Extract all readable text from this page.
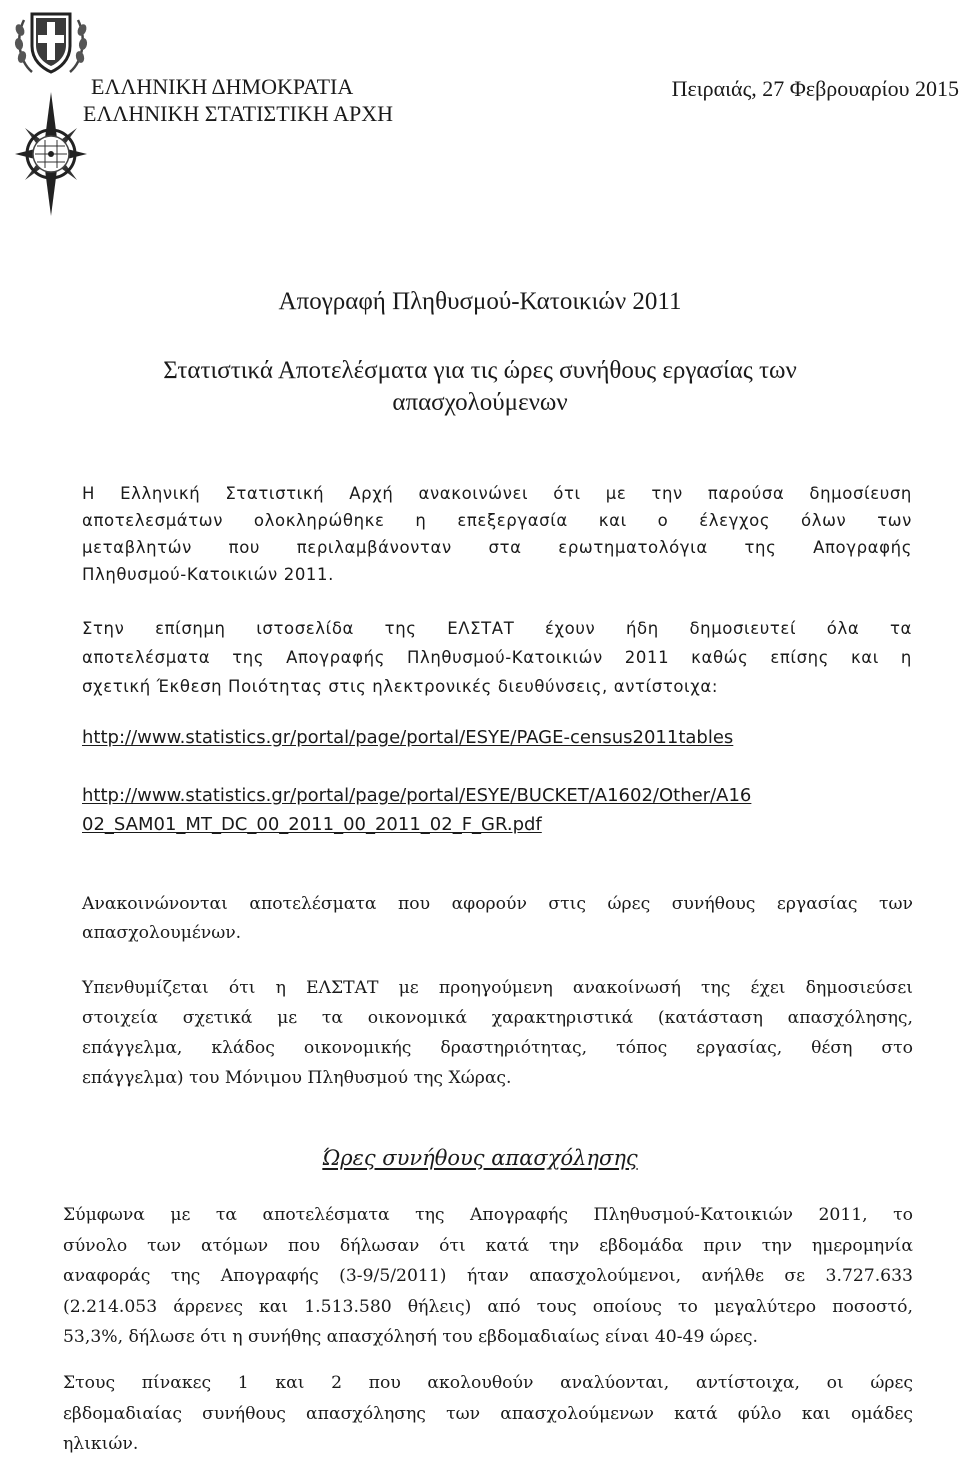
ΕΛΛΗΝΙΚΗ ΔΗΜΟΚΡΑΤΙΑ
ΕΛΛΗΝΙΚΗ ΣΤΑΤΙΣΤΙΚΗ ΑΡΧΗ
Πειραιάς, 27 Φεβρουαρίου 2015
Απογραφή Πληθυσμού-Κατοικιών 2011
Στατιστικά Αποτελέσματα για τις ώρες συνήθους εργασίας των
απασχολούμενων
Η Ελληνική Στατιστική Αρχή ανακοινώνει ότι με την παρούσα δημοσίευση
αποτελεσμάτων ολοκληρώθηκε η επεξεργασία και ο έλεγχος όλων των
μεταβλητών που περιλαμβάνονταν στα ερωτηματολόγια της Απογραφής
Πληθυσμού-Κατοικιών 2011.
Στην επίσημη ιστοσελίδα της ΕΛΣΤΑΤ έχουν ήδη δημοσιευτεί όλα τα
αποτελέσματα της Απογραφής Πληθυσμού-Κατοικιών 2011 καθώς επίσης και η
σχετική Έκθεση Ποιότητας στις ηλεκτρονικές διευθύνσεις, αντίστοιχα:
http://www.statistics.gr/portal/page/portal/ESYE/PAGE-census2011tables
http://www.statistics.gr/portal/page/portal/ESYE/BUCKET/A1602/Other/A16
02_SAM01_MT_DC_00_2011_00_2011_02_F_GR.pdf
Ανακοινώνονται αποτελέσματα που αφορούν στις ώρες συνήθους εργασίας των
απασχολουμένων.
Υπενθυμίζεται ότι η ΕΛΣΤΑΤ με προηγούμενη ανακοίνωσή της έχει δημοσιεύσει
στοιχεία σχετικά με τα οικονομικά χαρακτηριστικά (κατάσταση απασχόλησης,
επάγγελμα, κλάδος οικονομικής δραστηριότητας, τόπος εργασίας, θέση στο
επάγγελμα) του Μόνιμου Πληθυσμού της Χώρας.
Ώρες συνήθους απασχόλησης
Σύμφωνα με τα αποτελέσματα της Απογραφής Πληθυσμού-Κατοικιών 2011, το
σύνολο των ατόμων που δήλωσαν ότι κατά την εβδομάδα πριν την ημερομηνία
αναφοράς της Απογραφής (3-9/5/2011) ήταν απασχολούμενοι, ανήλθε σε 3.727.633
(2.214.053 άρρενες και 1.513.580 θήλεις) από τους οποίους το μεγαλύτερο ποσοστό,
53,3%, δήλωσε ότι η συνήθης απασχόλησή του εβδομαδιαίως είναι 40-49 ώρες.
Στους πίνακες 1 και 2 που ακολουθούν αναλύονται, αντίστοιχα, οι ώρες
εβδομαδιαίας συνήθους απασχόλησης των απασχολούμενων κατά φύλο και ομάδες
ηλικιών.
